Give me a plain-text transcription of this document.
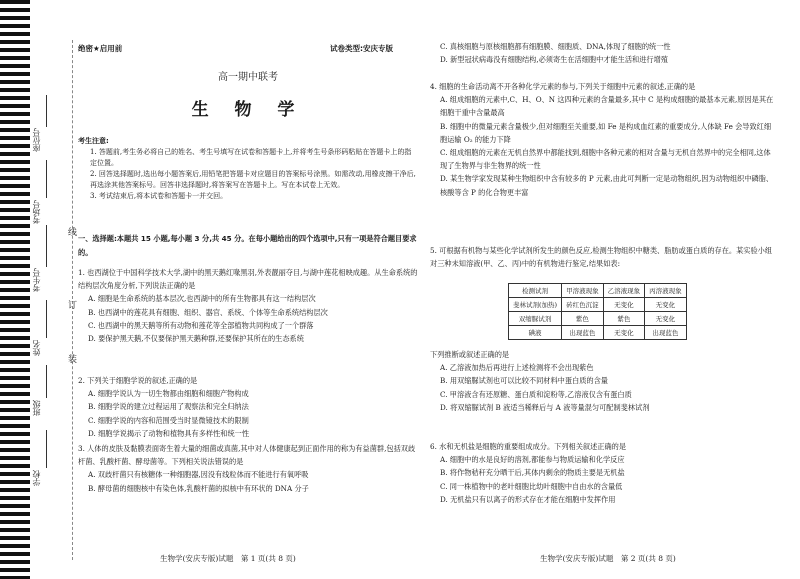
座位号
考场号
考生号
姓名
班级
学校
线
订
装
绝密★启用前	试卷类型:安庆专版
高一期中联考
生 物 学
考生注意:

1. 答题前,考生务必将自己的姓名、考生号填写在试卷和答题卡上,并将考生号条形码粘贴在答题卡上的指定位置。

2. 回答选择题时,选出每小题答案后,用铅笔把答题卡对应题目的答案标号涂黑。如需改动,用橡皮擦干净后,再选涂其他答案标号。回答非选择题时,将答案写在答题卡上。写在本试卷上无效。

3. 考试结束后,将本试卷和答题卡一并交回。

一、选择题:本题共 15 小题,每小题 3 分,共 45 分。在每小题给出的四个选项中,只有一项是符合题目要求的。

1. 也西湖位于中国科学技术大学,湖中的黑天鹅红喙黑羽,外表靓丽夺目,与湖中莲花相映成趣。从生命系统的结构层次角度分析,下列说法正确的是

A. 细胞是生命系统的基本层次,也西湖中的所有生物都具有这一结构层次

B. 也西湖中的莲花具有细胞、组织、器官、系统、个体等生命系统结构层次

C. 也西湖中的黑天鹅等所有动物和莲花等全部植物共同构成了一个群落

D. 要保护黑天鹅,不仅要保护黑天鹅种群,还要保护其所在的生态系统

2. 下列关于细胞学说的叙述,正确的是

A. 细胞学说认为一切生物都由细胞和细胞产物构成

B. 细胞学说的建立过程运用了观察法和完全归纳法

C. 细胞学说的内容和范围受当时显微镜技术的限制

D. 细胞学说揭示了动物和植物具有多样性和统一性

3. 人体的皮肤及黏膜表面寄生着大量的细菌或真菌,其中对人体健康起到正面作用的称为有益菌群,包括双歧杆菌、乳酸杆菌、酵母菌等。下列相关说法错误的是

A. 双歧杆菌只有核糖体一种细胞器,因没有线粒体而不能进行有氧呼吸

B. 酵母菌的细胞核中有染色体,乳酸杆菌的拟核中有环状的 DNA 分子

C. 真核细胞与原核细胞都有细胞膜、细胞质、DNA,体现了细胞的统一性

D. 新型冠状病毒没有细胞结构,必须寄生在活细胞中才能生活和进行增殖

4. 细胞的生命活动离不开各种化学元素的参与,下列关于细胞中元素的叙述,正确的是

A. 组成细胞的元素中,C、H、O、N 这四种元素的含量最多,其中 C 是构成细胞的最基本元素,原因是其在细胞干重中含量最高

B. 细胞中的微量元素含量极少,但对细胞至关重要,如 Fe 是构成血红素的重要成分,人体缺 Fe 会导致红细胞运输 O₂ 的能力下降

C. 组成细胞的元素在无机自然界中都能找到,细胞中各种元素的相对含量与无机自然界中的完全相同,这体现了生物界与非生物界的统一性

D. 某生物学家发现某种生物组织中含有较多的 P 元素,由此可判断一定是动物组织,因为动物组织中磷脂、核酸等含 P 的化合物更丰富

5. 可根据有机物与某些化学试剂所发生的颜色反应,检测生物组织中糖类、脂肪或蛋白质的存在。某实验小组对三种未知溶液(甲、乙、丙)中的有机物进行鉴定,结果如表:

检测试剂	甲溶液现象	乙溶液现象	丙溶液现象
斐林试剂(加热)	砖红色沉淀	无变化	无变化
双缩脲试剂	紫色	紫色	无变化
碘液	出现蓝色	无变化	出现蓝色

下列推断或叙述正确的是

A. 乙溶液加热后再进行上述检测将不会出现紫色

B. 用双缩脲试剂也可以比较不同材料中蛋白质的含量

C. 甲溶液含有还原糖、蛋白质和淀粉等,乙溶液仅含有蛋白质

D. 将双缩脲试剂 B 液适当稀释后与 A 液等量混匀可配制斐林试剂

6. 水和无机盐是细胞的重要组成成分。下列相关叙述正确的是

A. 细胞中的水是良好的溶剂,都能参与物质运输和化学反应

B. 将作物秸秆充分晒干后,其体内剩余的物质主要是无机盐

C. 同一株植物中的老叶细胞比幼叶细胞中自由水的含量低

D. 无机盐只有以离子的形式存在才能在细胞中发挥作用

生物学(安庆专版)试题　第 1 页(共 8 页)	生物学(安庆专版)试题　第 2 页(共 8 页)
